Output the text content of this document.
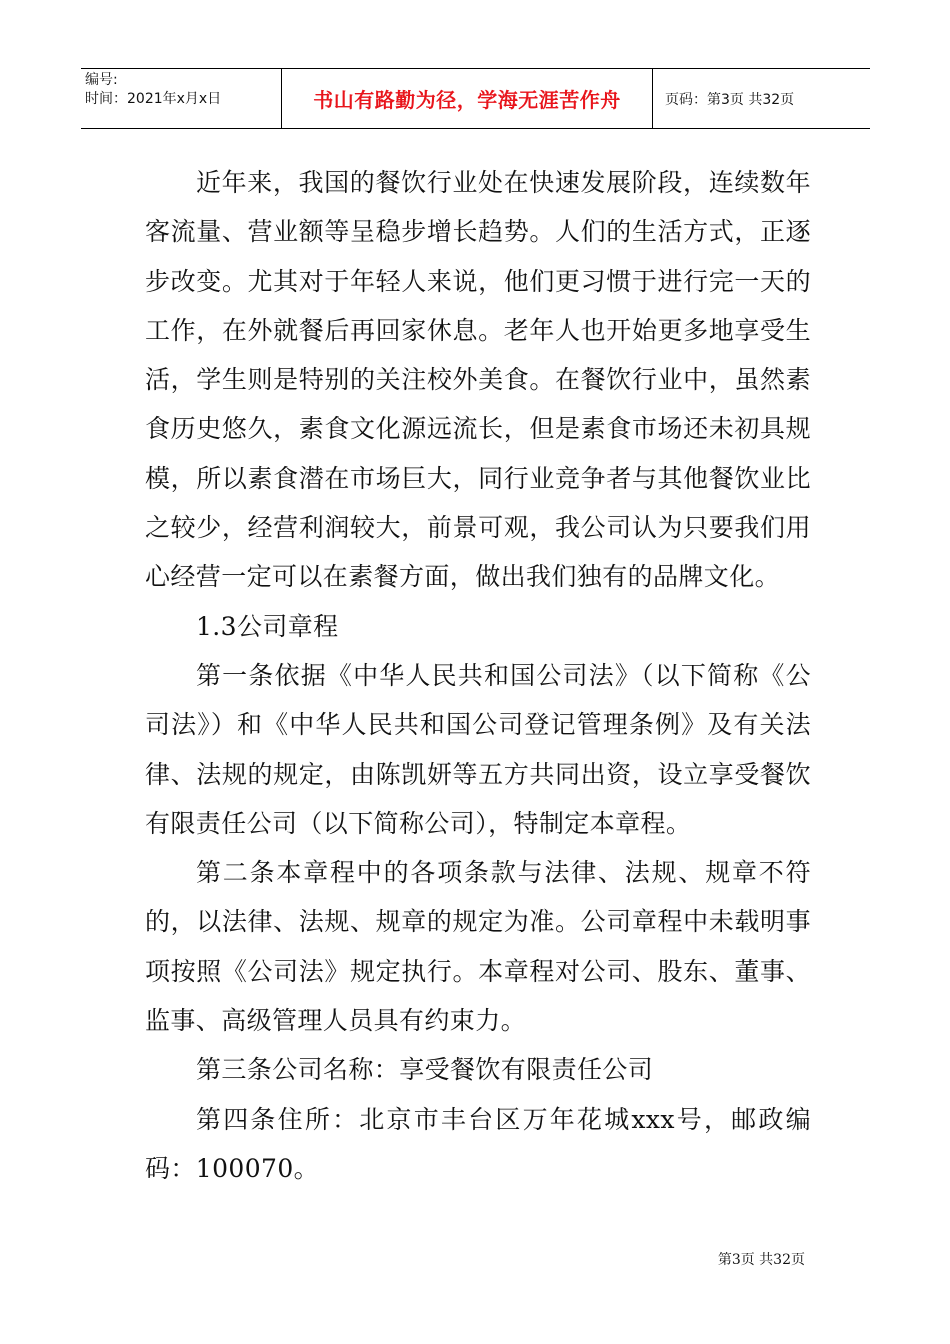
编号:
时间：2021年x月x日	书山有路勤为径，学海无涯苦作舟	页码：第3页 共32页

近年来，我国的餐饮行业处在快速发展阶段，连续数年客流量、营业额等呈稳步增长趋势。人们的生活方式，正逐步改变。尤其对于年轻人来说，他们更习惯于进行完一天的工作，在外就餐后再回家休息。老年人也开始更多地享受生活，学生则是特别的关注校外美食。在餐饮行业中，虽然素食历史悠久，素食文化源远流长，但是素食市场还未初具规模，所以素食潜在市场巨大，同行业竞争者与其他餐饮业比之较少，经营利润较大，前景可观，我公司认为只要我们用心经营一定可以在素餐方面，做出我们独有的品牌文化。

1.3公司章程

第一条依据《中华人民共和国公司法》（以下简称《公司法》）和《中华人民共和国公司登记管理条例》及有关法律、法规的规定，由陈凯妍等五方共同出资，设立享受餐饮有限责任公司（以下简称公司），特制定本章程。

第二条本章程中的各项条款与法律、法规、规章不符的，以法律、法规、规章的规定为准。公司章程中未载明事项按照《公司法》规定执行。本章程对公司、股东、董事、监事、高级管理人员具有约束力。

第三条公司名称：享受餐饮有限责任公司

第四条住所：北京市丰台区万年花城xxx号，邮政编码：100070。

第3页 共32页
